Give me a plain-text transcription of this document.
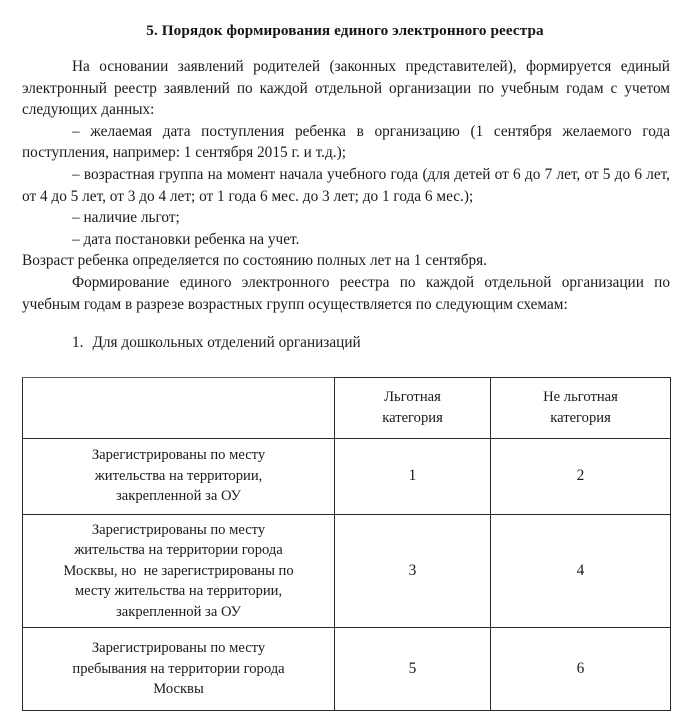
5. Порядок формирования единого электронного реестра

На основании заявлений родителей (законных представителей), формируется единый электронный реестр заявлений по каждой отдельной организации по учебным годам с учетом следующих данных:

– желаемая дата поступления ребенка в организацию (1 сентября желаемого года поступления, например: 1 сентября 2015 г. и т.д.);

– возрастная группа на момент начала учебного года (для детей от 6 до 7 лет, от 5 до 6 лет, от 4 до 5 лет, от 3 до 4 лет; от 1 года 6 мес. до 3 лет; до 1 года 6 мес.);

– наличие льгот;

– дата постановки ребенка на учет.

Возраст ребенка определяется по состоянию полных лет на 1 сентября.

Формирование единого электронного реестра по каждой отдельной организации по учебным годам в разрезе возрастных групп осуществляется по следующим схемам:

1. Для дошкольных отделений организаций

	Льготная
категория	Не льготная
категория

Зарегистрированы по месту
жительства на территории,
закрепленной за ОУ	1	2

Зарегистрированы по месту
жительства на территории города
Москвы, но  не зарегистрированы по
месту жительства на территории,
закрепленной за ОУ	3	4

Зарегистрированы по месту
пребывания на территории города
Москвы	5	6
